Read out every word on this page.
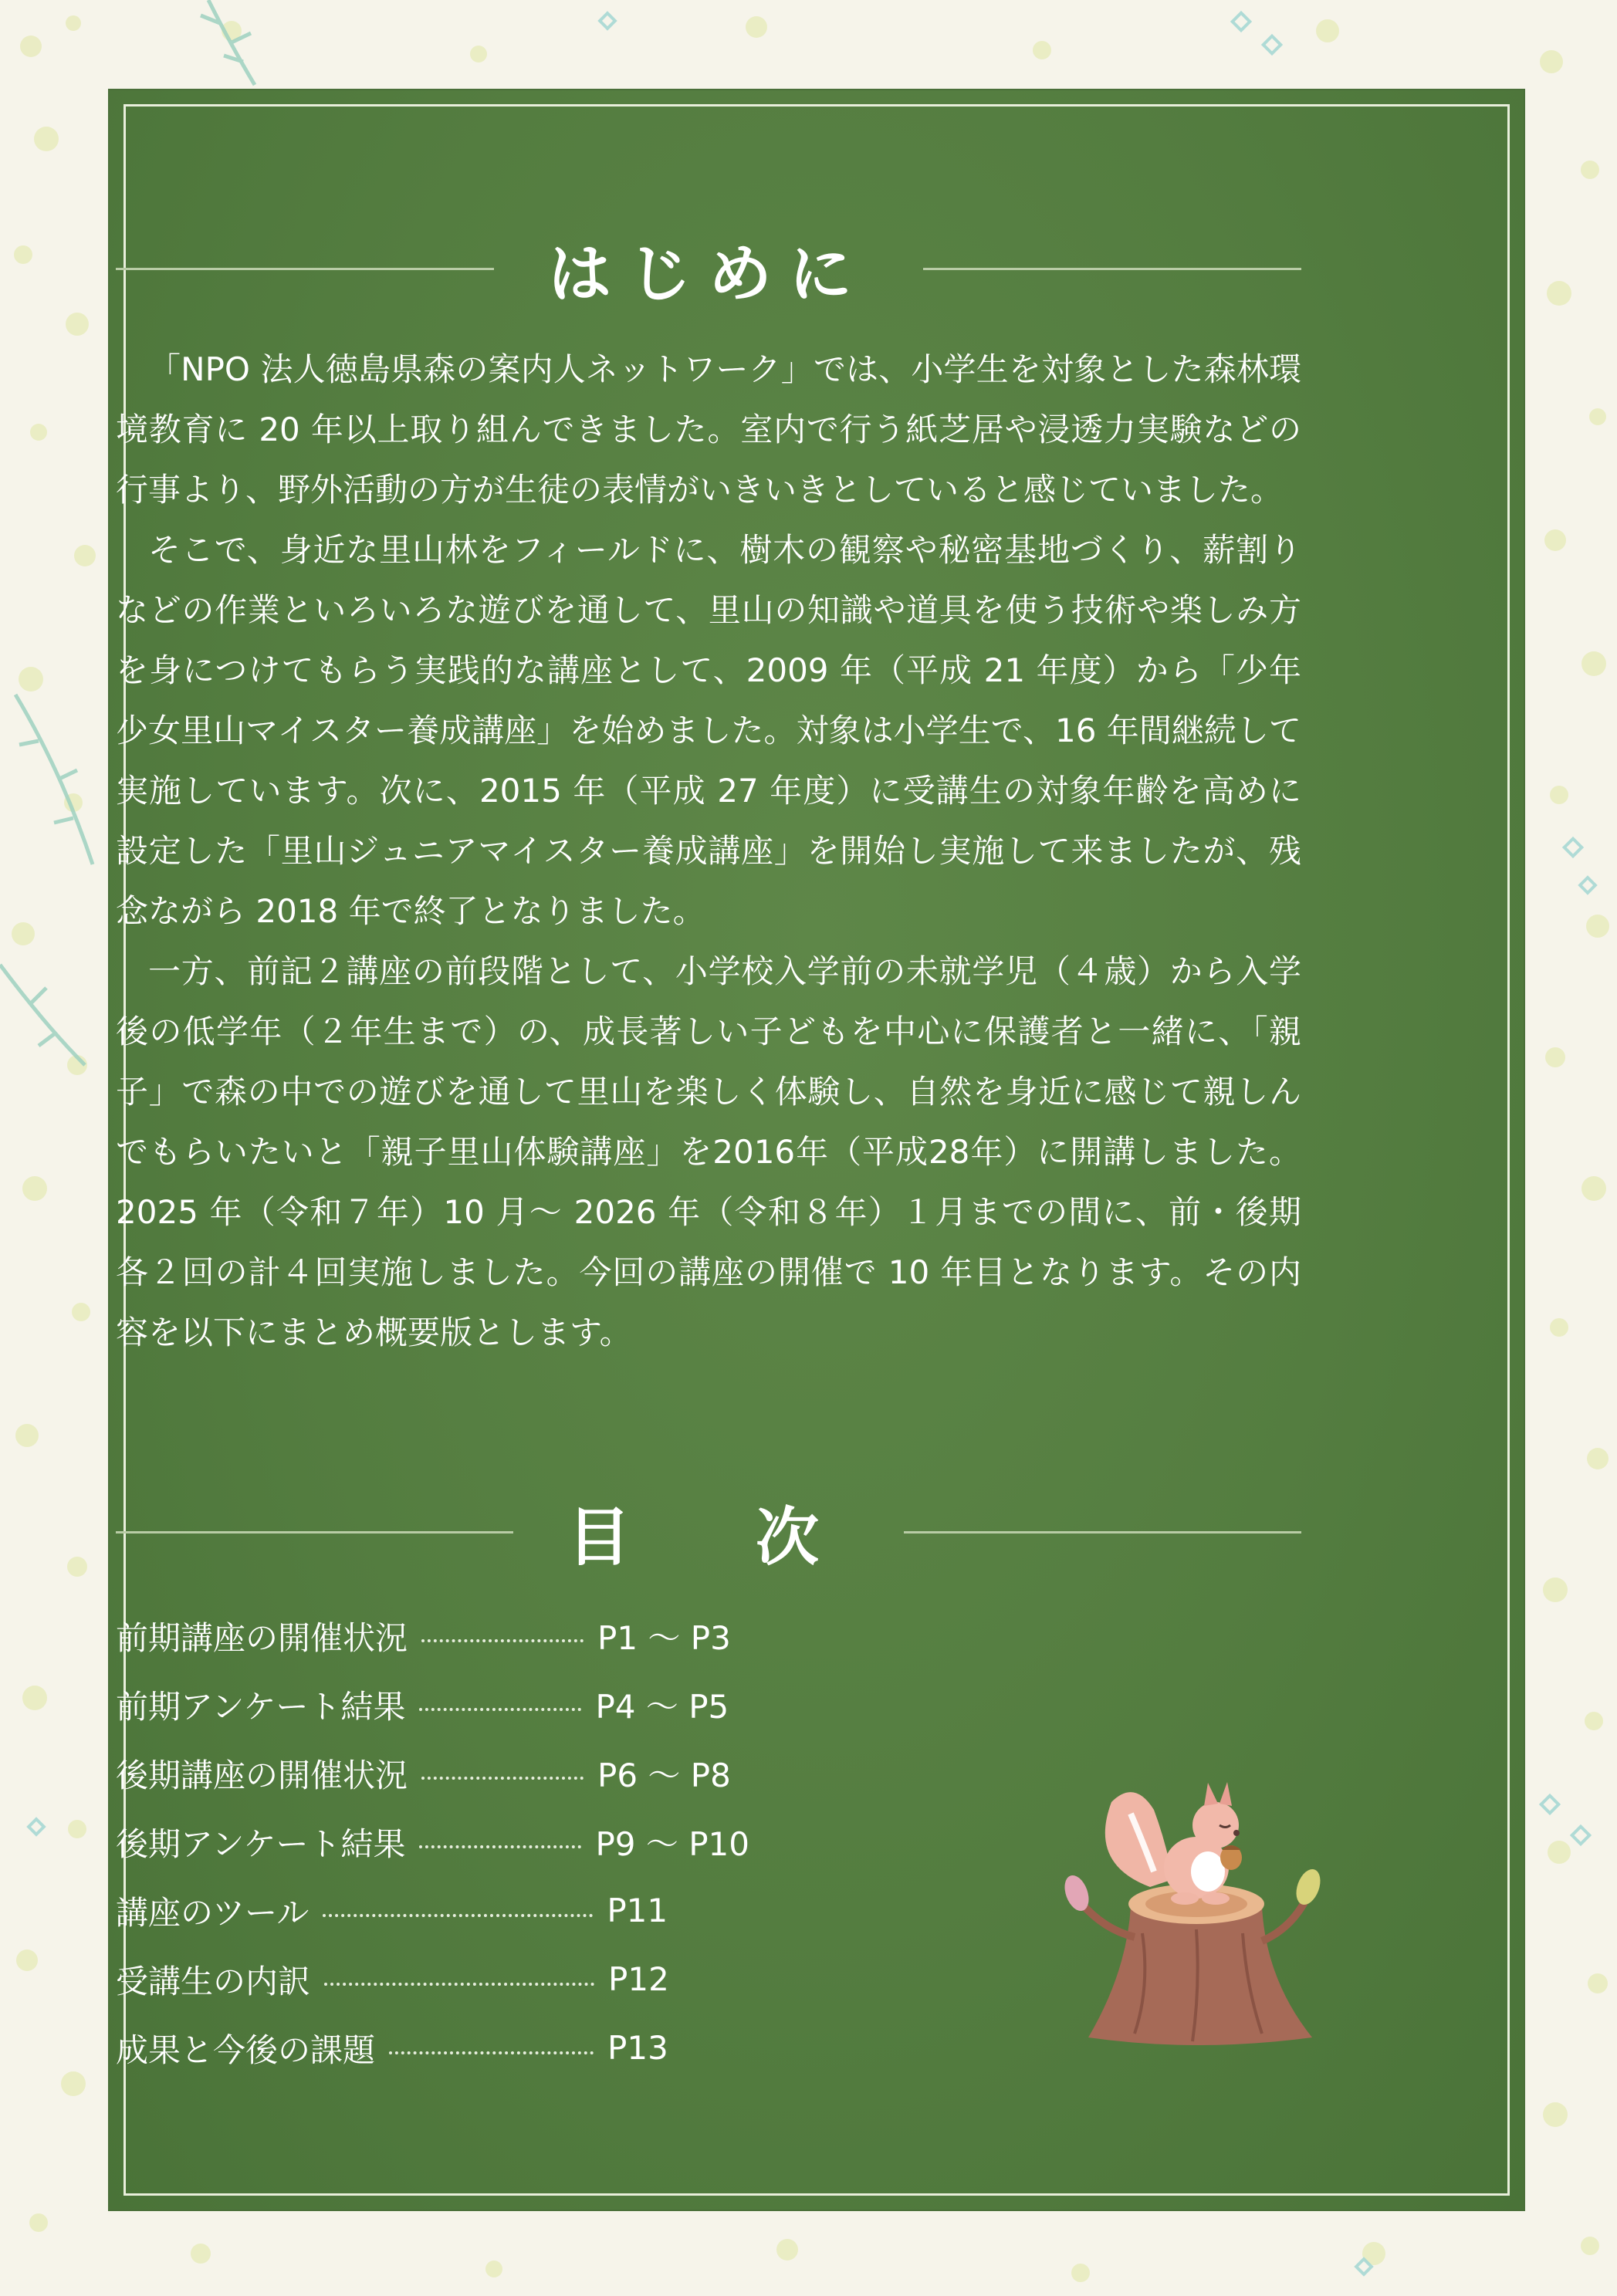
はじめに

「NPO 法人徳島県森の案内人ネットワーク」では、小学生を対象とした森林環境教育に 20 年以上取り組んできました。室内で行う紙芝居や浸透力実験などの行事より、野外活動の方が生徒の表情がいきいきとしていると感じていました。

そこで、身近な里山林をフィールドに、樹木の観察や秘密基地づくり、薪割りなどの作業といろいろな遊びを通して、里山の知識や道具を使う技術や楽しみ方を身につけてもらう実践的な講座として、2009 年（平成 21 年度）から「少年少女里山マイスター養成講座」を始めました。対象は小学生で、16 年間継続して実施しています。次に、2015 年（平成 27 年度）に受講生の対象年齢を高めに設定した「里山ジュニアマイスター養成講座」を開始し実施して来ましたが、残念ながら 2018 年で終了となりました。

一方、前記２講座の前段階として、小学校入学前の未就学児（４歳）から入学後の低学年（２年生まで）の、成長著しい子どもを中心に保護者と一緒に、「親子」で森の中での遊びを通して里山を楽しく体験し、自然を身近に感じて親しんでもらいたいと「親子里山体験講座」を2016年（平成28年）に開講しました。2025 年（令和７年）10 月～ 2026 年（令和８年）１月までの間に、前・後期各２回の計４回実施しました。今回の講座の開催で 10 年目となります。その内容を以下にまとめ概要版とします。

目　次
前期講座の開催状況	P1 ～ P3
前期アンケート結果	P4 ～ P5
後期講座の開催状況	P6 ～ P8
後期アンケート結果	P9 ～ P10
講座のツール	P11
受講生の内訳	P12
成果と今後の課題	P13
